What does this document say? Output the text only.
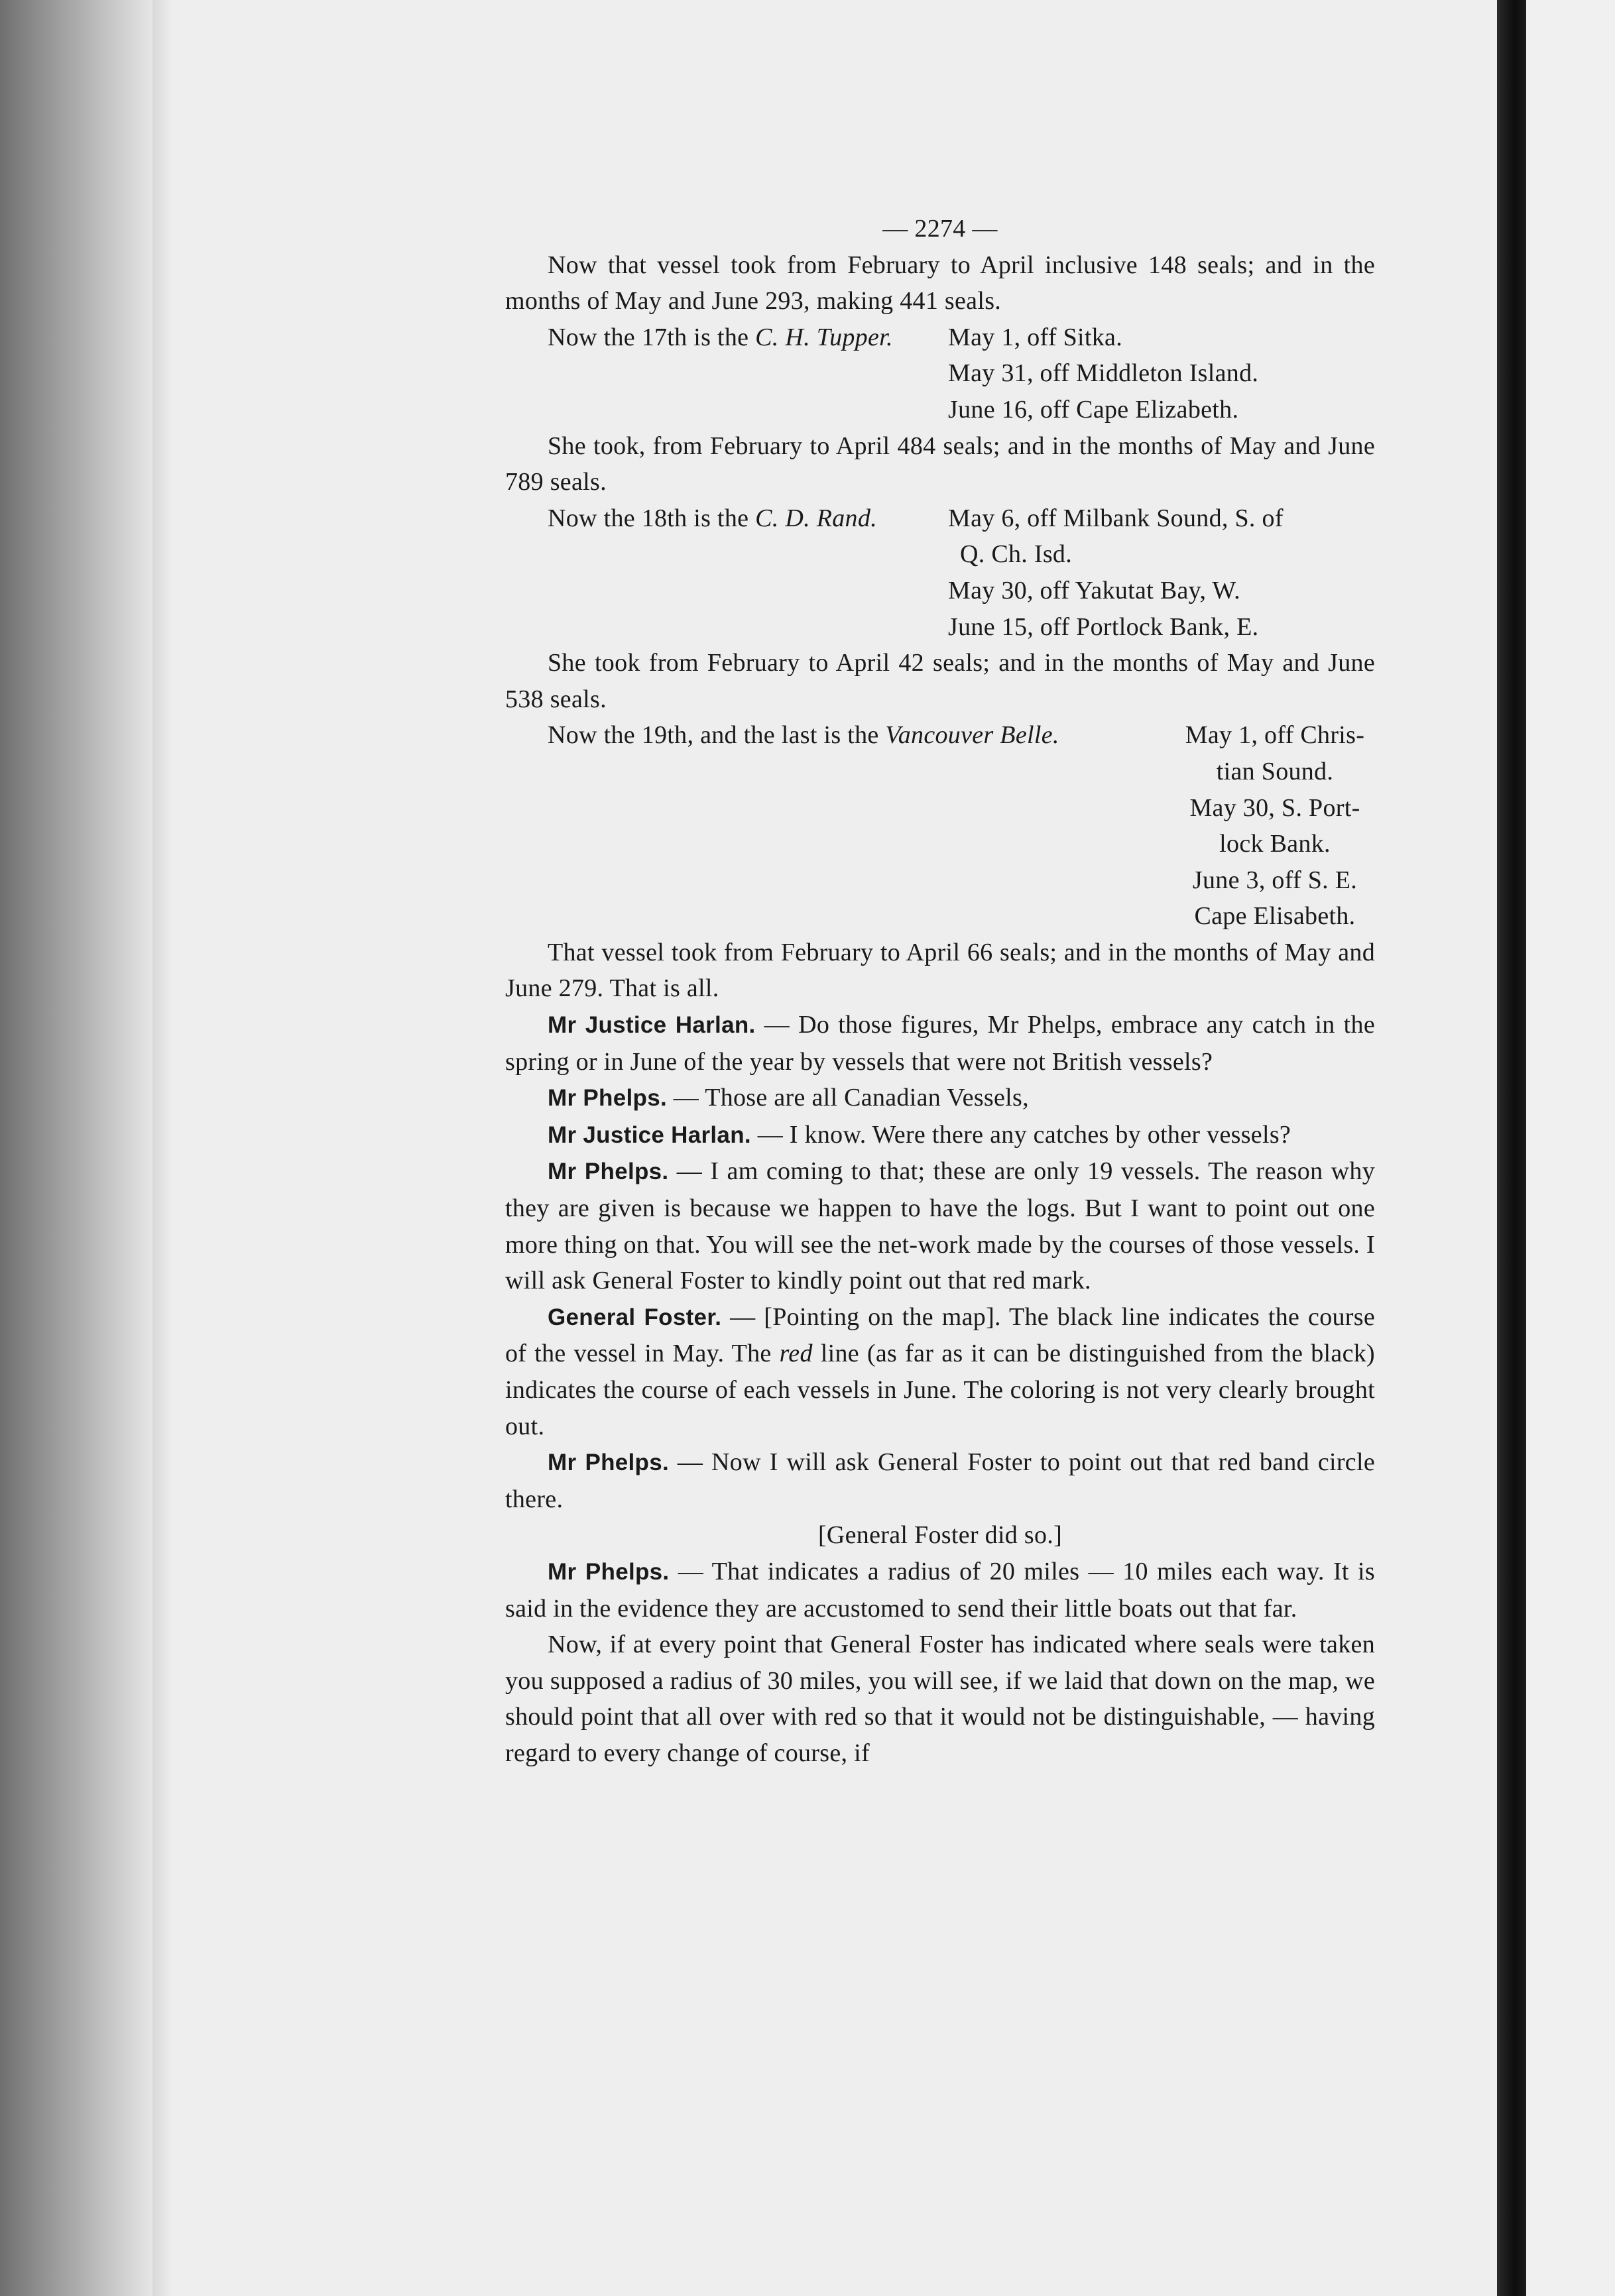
— 2274 —

Now that vessel took from February to April inclusive 148 seals; and in the months of May and June 293, making 441 seals.

Now the 17th is the C. H. Tupper.	May 1, off Sitka.
May 31, off Middleton Island.
June 16, off Cape Elizabeth.

She took, from February to April 484 seals; and in the months of May and June 789 seals.

Now the 18th is the C. D. Rand.	May 6, off Milbank Sound, S. of
Q. Ch. Isd.
May 30, off Yakutat Bay, W.
June 15, off Portlock Bank, E.

She took from February to April 42 seals; and in the months of May and June 538 seals.

Now the 19th, and the last is the Vancouver Belle.	May 1, off Chris-
tian Sound.
May 30, S. Port-
lock Bank.
June 3, off S. E.
Cape Elisabeth.

That vessel took from February to April 66 seals; and in the months of May and June 279. That is all.

Mr Justice Harlan. — Do those figures, Mr Phelps, embrace any catch in the spring or in June of the year by vessels that were not British vessels?

Mr Phelps. — Those are all Canadian Vessels,

Mr Justice Harlan. — I know. Were there any catches by other vessels?

Mr Phelps. — I am coming to that; these are only 19 vessels. The reason why they are given is because we happen to have the logs. But I want to point out one more thing on that. You will see the net-work made by the courses of those vessels. I will ask General Foster to kindly point out that red mark.

General Foster. — [Pointing on the map]. The black line indicates the course of the vessel in May. The red line (as far as it can be distinguished from the black) indicates the course of each vessels in June. The coloring is not very clearly brought out.

Mr Phelps. — Now I will ask General Foster to point out that red band circle there.

[General Foster did so.]

Mr Phelps. — That indicates a radius of 20 miles — 10 miles each way. It is said in the evidence they are accustomed to send their little boats out that far.

Now, if at every point that General Foster has indicated where seals were taken you supposed a radius of 30 miles, you will see, if we laid that down on the map, we should point that all over with red so that it would not be distinguishable, — having regard to every change of course, if
